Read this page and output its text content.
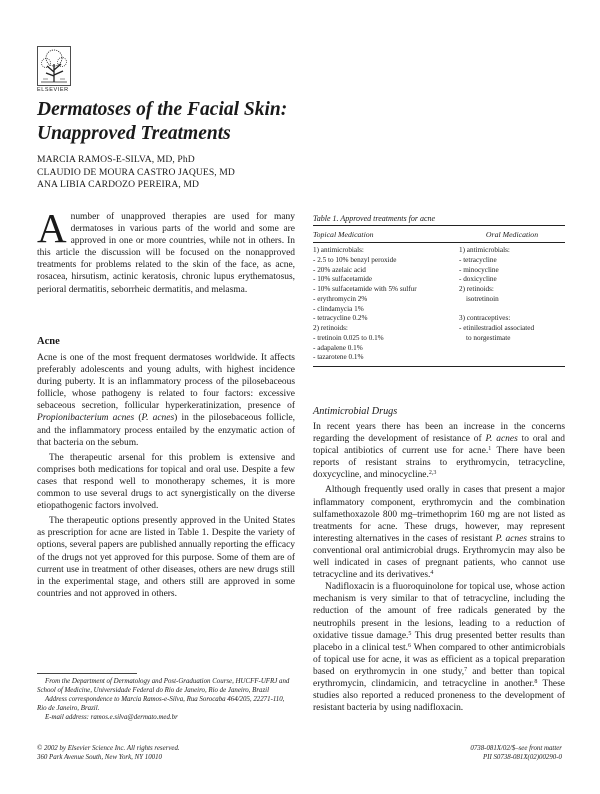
ELSEVIER
Dermatoses of the Facial Skin:
Unapproved Treatments
MARCIA RAMOS-E-SILVA, MD, PhD
CLAUDIO DE MOURA CASTRO JAQUES, MD
ANA LIBIA CARDOZO PEREIRA, MD

Anumber of unapproved therapies are used for many dermatoses in various parts of the world and some are approved in one or more countries, while not in others. In this article the discussion will be focused on the nonapproved treatments for problems related to the skin of the face, as acne, rosacea, hirsutism, actinic keratosis, chronic lupus erythematosus, perioral dermatitis, seborrheic dermatitis, and melasma.

Acne

Acne is one of the most frequent dermatoses worldwide. It affects preferably adolescents and young adults, with highest incidence during puberty. It is an inflammatory process of the pilosebaceous follicle, whose pathogeny is related to four factors: excessive sebaceous secretion, follicular hyperkeratinization, presence of Propionibacterium acnes (P. acnes) in the pilosebaceous follicle, and the inflammatory process entailed by the enzymatic action of that bacteria on the sebum.

The therapeutic arsenal for this problem is extensive and comprises both medications for topical and oral use. Despite a few cases that respond well to monotherapy schemes, it is more common to use several drugs to act synergistically on the diverse etiopathogenic factors involved.

The therapeutic options presently approved in the United States as prescription for acne are listed in Table 1. Despite the variety of options, several papers are published annually reporting the efficacy of the drugs not yet approved for this purpose. Some of them are of current use in treatment of other diseases, others are new drugs still in the experimental stage, and others still are approved in some countries and not approved in others.

From the Department of Dermatology and Post-Graduation Course, HUCFF-UFRJ and School of Medicine, Universidade Federal do Rio de Janeiro, Rio de Janeiro, Brazil

Address correspondence to Marcia Ramos-e-Silva, Rua Sorocaba 464/205, 22271-110, Rio de Janeiro, Brazil.

E-mail address: ramos.e.silva@dermato.med.br

© 2002 by Elsevier Science Inc. All rights reserved.
360 Park Avenue South, New York, NY 10010
0738-081X/02/$–see front matter
PII S0738-081X(02)00290-0
Table 1. Approved treatments for acne
Topical Medication	Oral Medication
1) antimicrobials:
- 2.5 to 10% benzyl peroxide
- 20% azelaic acid
- 10% sulfacetamide
- 10% sulfacetamide with 5% sulfur
- erythromycin 2%
- clindamycia 1%
- tetracycline 0.2%
2) retinoids:
- tretinoin 0.025 to 0.1%
- adapalene 0.1%
- tazarotene 0.1%
1) antimicrobials:
- tetracycline
- minocycline
- doxicycline
2) retinoids:
isotretinoin
3) contraceptives:
- etinilestradiol associated
to norgestimate
Antimicrobial Drugs

In recent years there has been an increase in the concerns regarding the development of resistance of P. acnes to oral and topical antibiotics of current use for acne.$^1$ There have been reports of resistant strains to erythromycin, tetracycline, doxycycline, and minocycline.$^{2,3}$

Although frequently used orally in cases that present a major inflammatory component, erythromycin and the combination sulfamethoxazole 800 mg–trimethoprim 160 mg are not listed as treatments for acne. These drugs, however, may represent interesting alternatives in the cases of resistant P. acnes strains to conventional oral antimicrobial drugs. Erythromycin may also be well indicated in cases of pregnant patients, who cannot use tetracycline and its derivatives.$^4$

Nadifloxacin is a fluoroquinolone for topical use, whose action mechanism is very similar to that of tetracycline, including the reduction of the amount of free radicals generated by the neutrophils present in the lesions, leading to a reduction of oxidative tissue damage.$^5$ This drug presented better results than placebo in a clinical test.$^6$ When compared to other antimicrobials of topical use for acne, it was as efficient as a topical preparation based on erythromycin in one study,$^7$ and better than topical erythromycin, clindamicin, and tetracycline in another.$^8$ These studies also reported a reduced proneness to the development of resistant bacteria by using nadifloxacin.
